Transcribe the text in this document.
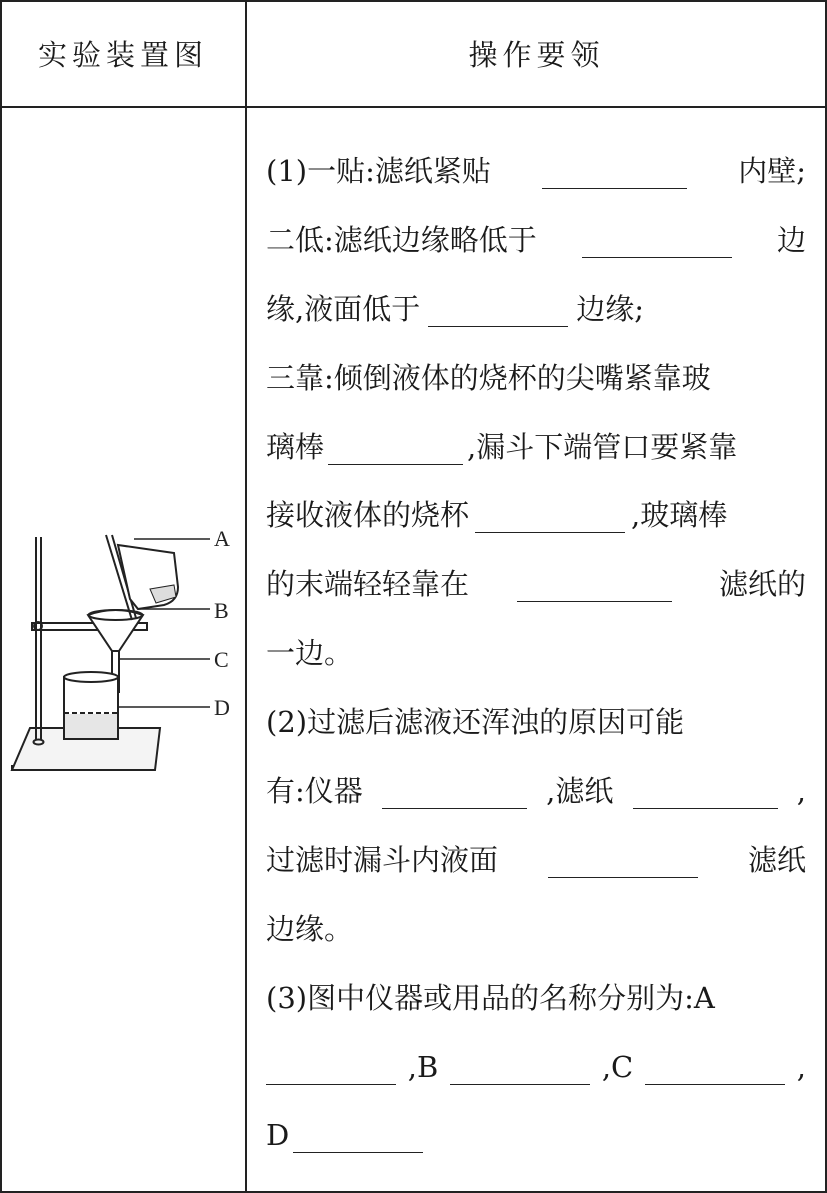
实验装置图	操作要领
A
B
C
D
(1)一贴:滤纸紧贴	内壁;
二低:滤纸边缘略低于	边
缘,液面低于	边缘;
三靠:倾倒液体的烧杯的尖嘴紧靠玻
璃棒	,漏斗下端管口要紧靠
接收液体的烧杯	,玻璃棒
的末端轻轻靠在	滤纸的
一边。
(2)过滤后滤液还浑浊的原因可能
有:仪器	,滤纸	,
过滤时漏斗内液面	滤纸
边缘。
(3)图中仪器或用品的名称分别为:A
,B	,C	,
D
